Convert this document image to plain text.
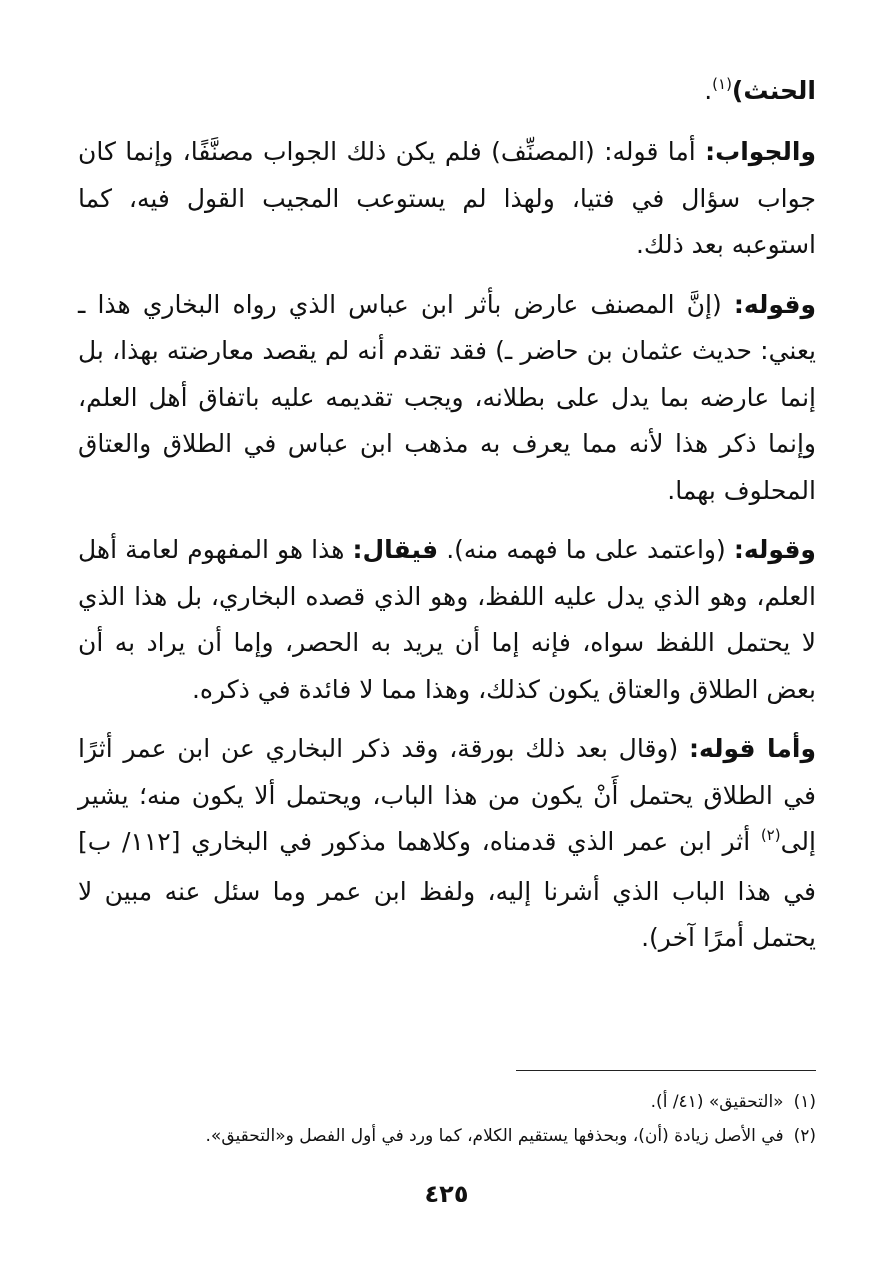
الحنث)$^{(١)}$.

والجواب: أما قوله: (المصنِّف) فلم يكن ذلك الجواب مصنَّفًا، وإنما كان جواب سؤال في فتيا، ولهذا لم يستوعب المجيب القول فيه، كما استوعبه بعد ذلك.

وقوله: (إنَّ المصنف عارض بأثر ابن عباس الذي رواه البخاري هذا ـ يعني: حديث عثمان بن حاضر ـ) فقد تقدم أنه لم يقصد معارضته بهذا، بل إنما عارضه بما يدل على بطلانه، ويجب تقديمه عليه باتفاق أهل العلم، وإنما ذكر هذا لأنه مما يعرف به مذهب ابن عباس في الطلاق والعتاق المحلوف بهما.

وقوله: (واعتمد على ما فهمه منه). فيقال: هذا هو المفهوم لعامة أهل العلم، وهو الذي يدل عليه اللفظ، وهو الذي قصده البخاري، بل هذا الذي لا يحتمل اللفظ سواه، فإنه إما أن يريد به الحصر، وإما أن يراد به أن بعض الطلاق والعتاق يكون كذلك، وهذا مما لا فائدة في ذكره.

وأما قوله: (وقال بعد ذلك بورقة، وقد ذكر البخاري عن ابن عمر أثرًا في الطلاق يحتمل أَنْ يكون من هذا الباب، ويحتمل ألا يكون منه؛ يشير إلى$^{(٢)}$ أثر ابن عمر الذي قدمناه، وكلاهما مذكور في البخاري [١١٢/ ب] في هذا الباب الذي أشرنا إليه، ولفظ ابن عمر وما سئل عنه مبين لا يحتمل أمرًا آخر).

(١)«التحقيق» (٤١/ أ).

(٢)في الأصل زيادة (أن)، وبحذفها يستقيم الكلام، كما ورد في أول الفصل و«التحقيق».

٤٢٥
